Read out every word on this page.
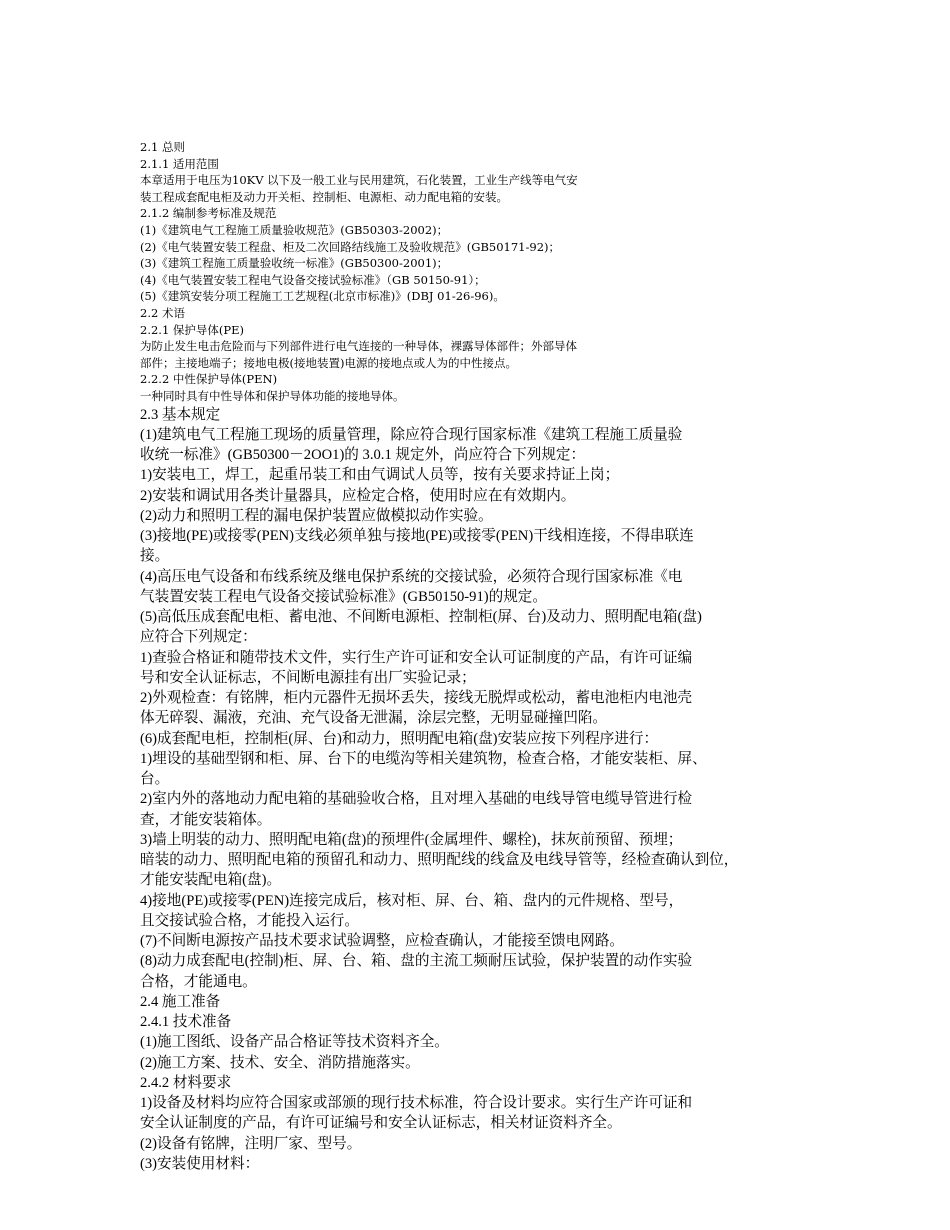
2.1 总则
2.1.1 适用范围
本章适用于电压为10KV 以下及一般工业与民用建筑，石化装置，工业生产线等电气安
装工程成套配电柜及动力开关柜、控制柜、电源柜、动力配电箱的安装。
2.1.2 编制参考标准及规范
(1)《建筑电气工程施工质量验收规范》(GB50303-2002)；
(2)《电气装置安装工程盘、柜及二次回路结线施工及验收规范》(GB50171-92)；
(3)《建筑工程施工质量验收统一标准》(GB50300-2001)；
(4)《电气装置安装工程电气设备交接试验标准》（GB 50150-91）；
(5)《建筑安装分项工程施工工艺规程(北京市标准)》(DBJ 01-26-96)。
2.2 术语
2.2.1 保护导体(PE)
为防止发生电击危险而与下列部件进行电气连接的一种导体，裸露导体部件；外部导体
部件；主接地端子；接地电极(接地装置)电源的接地点或人为的中性接点。
2.2.2 中性保护导体(PEN)
一种同时具有中性导体和保护导体功能的接地导体。
2.3 基本规定
(1)建筑电气工程施工现场的质量管理，除应符合现行国家标准《建筑工程施工质量验
收统一标准》(GB50300－2OO1)的 3.0.1 规定外，尚应符合下列规定：
1)安装电工，焊工，起重吊装工和由气调试人员等，按有关要求持证上岗；
2)安装和调试用各类计量器具，应检定合格，使用时应在有效期内。
(2)动力和照明工程的漏电保护装置应做模拟动作实验。
(3)接地(PE)或接零(PEN)支线必须单独与接地(PE)或接零(PEN)干线相连接，不得串联连
接。
(4)高压电气设备和布线系统及继电保护系统的交接试验，必须符合现行国家标准《电
气装置安装工程电气设备交接试验标准》(GB50150-91)的规定。
(5)高低压成套配电柜、蓄电池、不间断电源柜、控制柜(屏、台)及动力、照明配电箱(盘)
应符合下列规定：
1)查验合格证和随带技术文件，实行生产许可证和安全认可证制度的产品，有许可证编
号和安全认证标志，不间断电源挂有出厂实验记录；
2)外观检查：有铭牌，柜内元器件无损坏丢失，接线无脱焊或松动，蓄电池柜内电池壳
体无碎裂、漏液，充油、充气设备无泄漏，涂层完整，无明显碰撞凹陷。
(6)成套配电柜，控制柜(屏、台)和动力，照明配电箱(盘)安装应按下列程序进行：
1)埋设的基础型钢和柜、屏、台下的电缆沟等相关建筑物，检查合格，才能安装柜、屏、
台。
2)室内外的落地动力配电箱的基础验收合格，且对埋入基础的电线导管电缆导管进行检
查，才能安装箱体。
3)墙上明装的动力、照明配电箱(盘)的预埋件(金属埋件、螺栓)，抹灰前预留、预埋；
暗装的动力、照明配电箱的预留孔和动力、照明配线的线盒及电线导管等，经检查确认到位，
才能安装配电箱(盘)。
4)接地(PE)或接零(PEN)连接完成后，核对柜、屏、台、箱、盘内的元件规格、型号，
且交接试验合格，才能投入运行。
(7)不间断电源按产品技术要求试验调整，应检查确认，才能接至馈电网路。
(8)动力成套配电(控制)柜、屏、台、箱、盘的主流工频耐压试验，保护装置的动作实验
合格，才能通电。
2.4 施工准备
2.4.1 技术准备
(1)施工图纸、设备产品合格证等技术资料齐全。
(2)施工方案、技术、安全、消防措施落实。
2.4.2 材料要求
1)设备及材料均应符合国家或部颁的现行技术标准，符合设计要求。实行生产许可证和
安全认证制度的产品，有许可证编号和安全认证标志，相关材证资料齐全。
(2)设备有铭牌，注明厂家、型号。
(3)安装使用材料：
